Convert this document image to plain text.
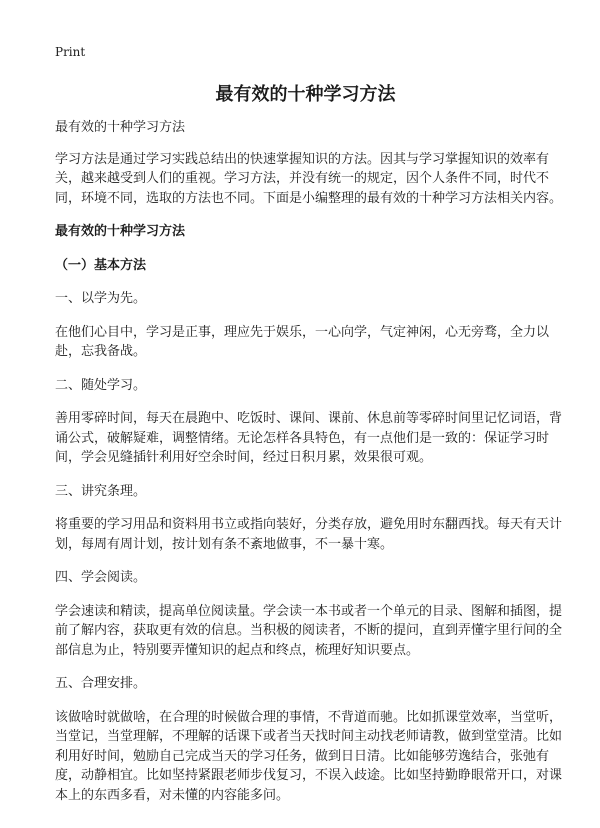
Print
最有效的十种学习方法

最有效的十种学习方法

学习方法是通过学习实践总结出的快速掌握知识的方法。因其与学习掌握知识的效率有关，越来越受到人们的重视。学习方法，并没有统一的规定，因个人条件不同，时代不同，环境不同，选取的方法也不同。下面是小编整理的最有效的十种学习方法相关内容。

最有效的十种学习方法

（一）基本方法

一、以学为先。

在他们心目中，学习是正事，理应先于娱乐，一心向学，气定神闲，心无旁骛，全力以赴，忘我备战。

二、随处学习。

善用零碎时间，每天在晨跑中、吃饭时、课间、课前、休息前等零碎时间里记忆词语，背诵公式，破解疑难，调整情绪。无论怎样各具特色，有一点他们是一致的：保证学习时间，学会见缝插针利用好空余时间，经过日积月累，效果很可观。

三、讲究条理。

将重要的学习用品和资料用书立或指向装好，分类存放，避免用时东翻西找。每天有天计划，每周有周计划，按计划有条不紊地做事，不一暴十寒。

四、学会阅读。

学会速读和精读，提高单位阅读量。学会读一本书或者一个单元的目录、图解和插图，提前了解内容，获取更有效的信息。当积极的阅读者，不断的提问，直到弄懂字里行间的全部信息为止，特别要弄懂知识的起点和终点，梳理好知识要点。

五、合理安排。

该做啥时就做啥，在合理的时候做合理的事情，不背道而驰。比如抓课堂效率，当堂听，当堂记，当堂理解，不理解的话课下或者当天找时间主动找老师请教，做到堂堂清。比如利用好时间，勉励自己完成当天的学习任务，做到日日清。比如能够劳逸结合，张弛有度，动静相宜。比如坚持紧跟老师步伐复习，不误入歧途。比如坚持勤睁眼常开口，对课本上的东西多看，对未懂的内容能多问。
